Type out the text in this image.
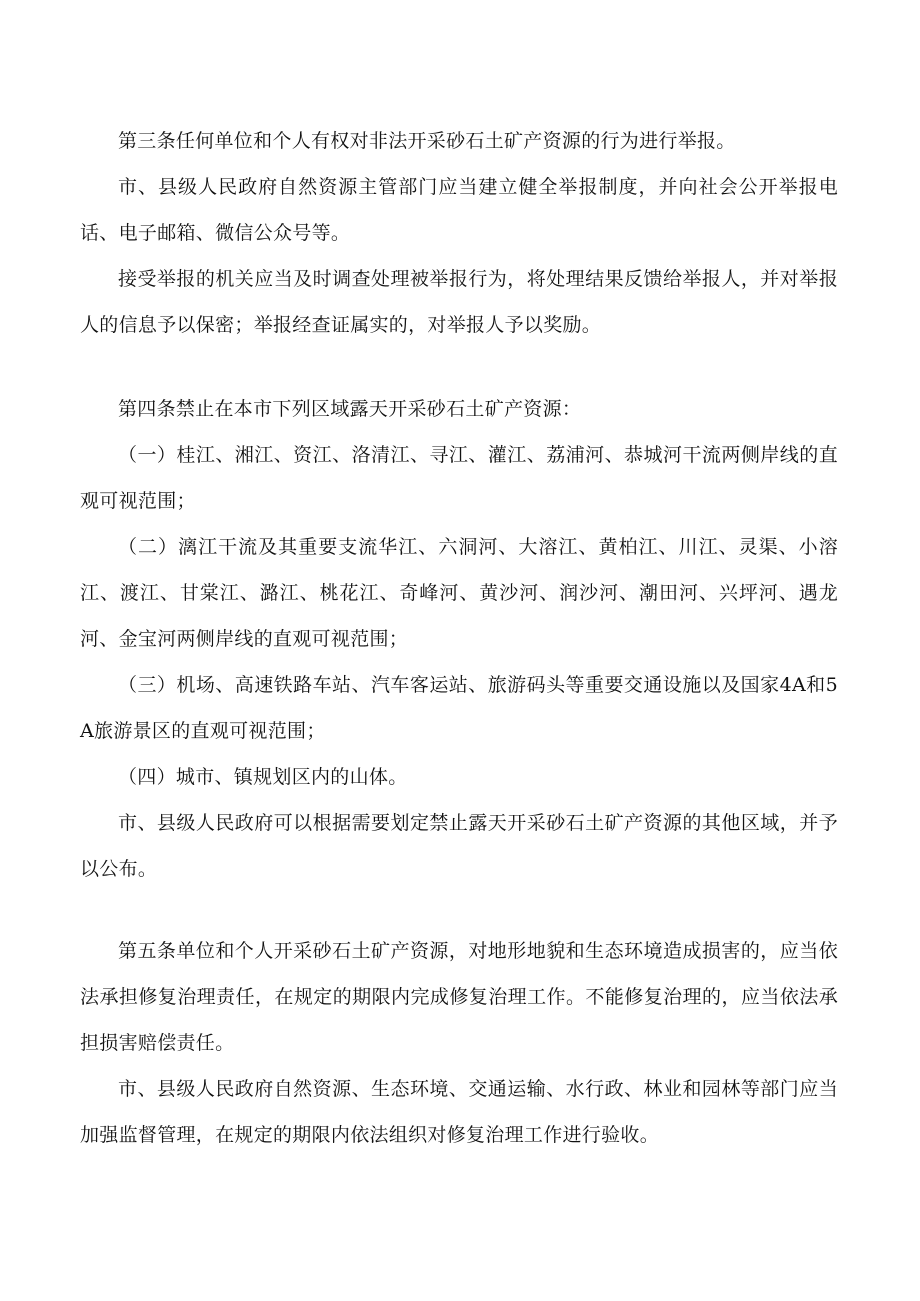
第三条任何单位和个人有权对非法开采砂石土矿产资源的行为进行举报。

市、县级人民政府自然资源主管部门应当建立健全举报制度，并向社会公开举报电话、电子邮箱、微信公众号等。

接受举报的机关应当及时调查处理被举报行为，将处理结果反馈给举报人，并对举报人的信息予以保密；举报经查证属实的，对举报人予以奖励。

第四条禁止在本市下列区域露天开采砂石土矿产资源：

（一）桂江、湘江、资江、洛清江、寻江、灌江、荔浦河、恭城河干流两侧岸线的直观可视范围；

（二）漓江干流及其重要支流华江、六洞河、大溶江、黄柏江、川江、灵渠、小溶江、渡江、甘棠江、潞江、桃花江、奇峰河、黄沙河、润沙河、潮田河、兴坪河、遇龙河、金宝河两侧岸线的直观可视范围；

（三）机场、高速铁路车站、汽车客运站、旅游码头等重要交通设施以及国家4A和5A旅游景区的直观可视范围；

（四）城市、镇规划区内的山体。

市、县级人民政府可以根据需要划定禁止露天开采砂石土矿产资源的其他区域，并予以公布。

第五条单位和个人开采砂石土矿产资源，对地形地貌和生态环境造成损害的，应当依法承担修复治理责任，在规定的期限内完成修复治理工作。不能修复治理的，应当依法承担损害赔偿责任。

市、县级人民政府自然资源、生态环境、交通运输、水行政、林业和园林等部门应当加强监督管理，在规定的期限内依法组织对修复治理工作进行验收。
